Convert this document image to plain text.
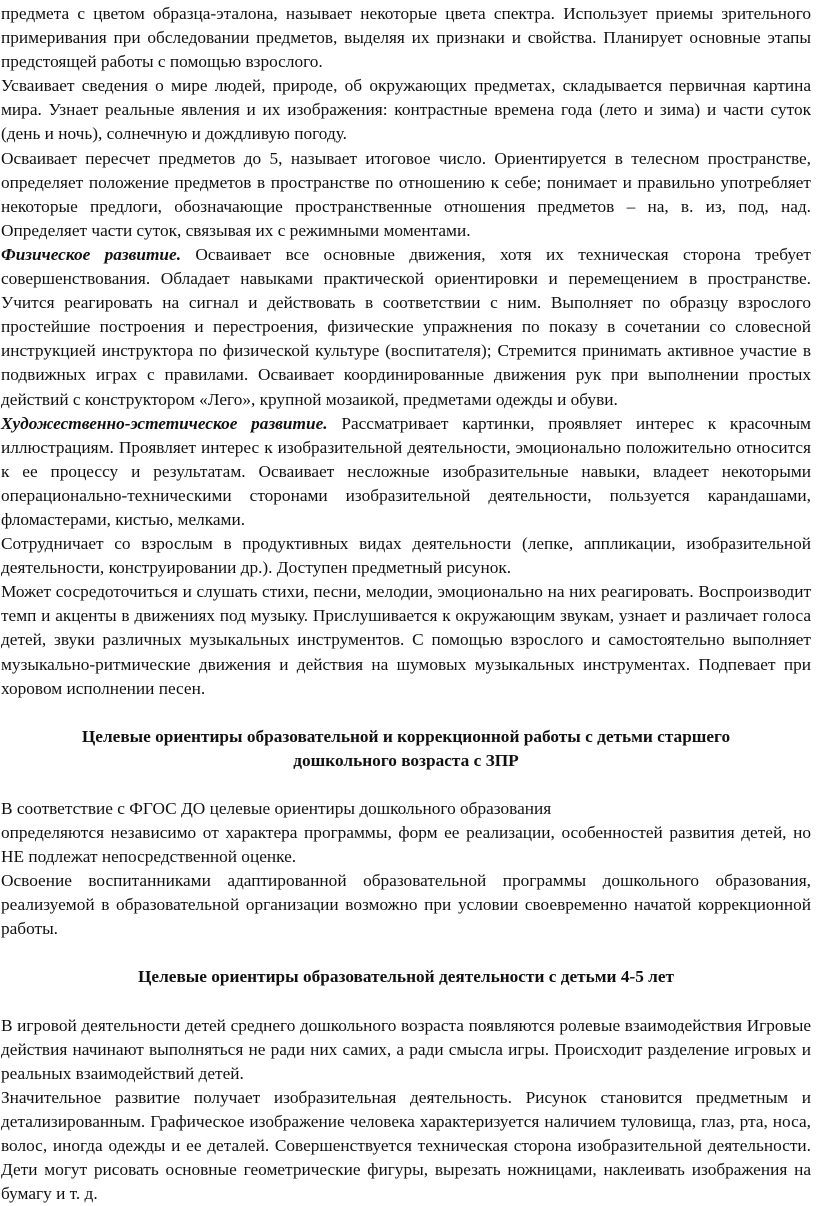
предмета с цветом образца-эталона, называет некоторые цвета спектра. Использует приемы зрительного примеривания при обследовании предметов, выделяя их признаки и свойства. Планирует основные этапы предстоящей работы с помощью взрослого.

Усваивает сведения о мире людей, природе, об окружающих предметах, складывается первичная картина мира. Узнает реальные явления и их изображения: контрастные времена года (лето и зима) и части суток (день и ночь), солнечную и дождливую погоду.

Осваивает пересчет предметов до 5, называет итоговое число. Ориентируется в телесном пространстве, определяет положение предметов в пространстве по отношению к себе; понимает и правильно употребляет некоторые предлоги, обозначающие пространственные отношения предметов – на, в. из, под, над. Определяет части суток, связывая их с режимными моментами.

Физическое развитие. Осваивает все основные движения, хотя их техническая сторона требует совершенствования. Обладает навыками практической ориентировки и перемещением в пространстве. Учится реагировать на сигнал и действовать в соответствии с ним. Выполняет по образцу взрослого простейшие построения и перестроения, физические упражнения по показу в сочетании со словесной инструкцией инструктора по физической культуре (воспитателя); Стремится принимать активное участие в подвижных играх с правилами. Осваивает координированные движения рук при выполнении простых действий с конструктором «Лего», крупной мозаикой, предметами одежды и обуви.

Художественно-эстетическое развитие. Рассматривает картинки, проявляет интерес к красочным иллюстрациям. Проявляет интерес к изобразительной деятельности, эмоционально положительно относится к ее процессу и результатам. Осваивает несложные изобразительные навыки, владеет некоторыми операционально-техническими сторонами изобразительной деятельности, пользуется карандашами, фломастерами, кистью, мелками.

Сотрудничает со взрослым в продуктивных видах деятельности (лепке, аппликации, изобразительной деятельности, конструировании др.). Доступен предметный рисунок.

Может сосредоточиться и слушать стихи, песни, мелодии, эмоционально на них реагировать. Воспроизводит темп и акценты в движениях под музыку. Прислушивается к окружающим звукам, узнает и различает голоса детей, звуки различных музыкальных инструментов. С помощью взрослого и самостоятельно выполняет музыкально-ритмические движения и действия на шумовых музыкальных инструментах. Подпевает при хоровом исполнении песен.

Целевые ориентиры образовательной и коррекционной работы с детьми старшего дошкольного возраста с ЗПР

В соответствие с ФГОС ДО целевые ориентиры дошкольного образования

определяются независимо от характера программы, форм ее реализации, особенностей развития детей, но НЕ подлежат непосредственной оценке.

Освоение воспитанниками адаптированной образовательной программы дошкольного образования, реализуемой в образовательной организации возможно при условии своевременно начатой коррекционной работы.

Целевые ориентиры образовательной деятельности с детьми 4-5 лет

В игровой деятельности детей среднего дошкольного возраста появляются ролевые взаимодействия Игровые действия начинают выполняться не ради них самих, а ради смысла игры. Происходит разделение игровых и реальных взаимодействий детей.

Значительное развитие получает изобразительная деятельность. Рисунок становится предметным и детализированным. Графическое изображение человека характеризуется наличием туловища, глаз, рта, носа, волос, иногда одежды и ее деталей. Совершенствуется техническая сторона изобразительной деятельности. Дети могут рисовать основные геометрические фигуры, вырезать ножницами, наклеивать изображения на бумагу и т. д.
